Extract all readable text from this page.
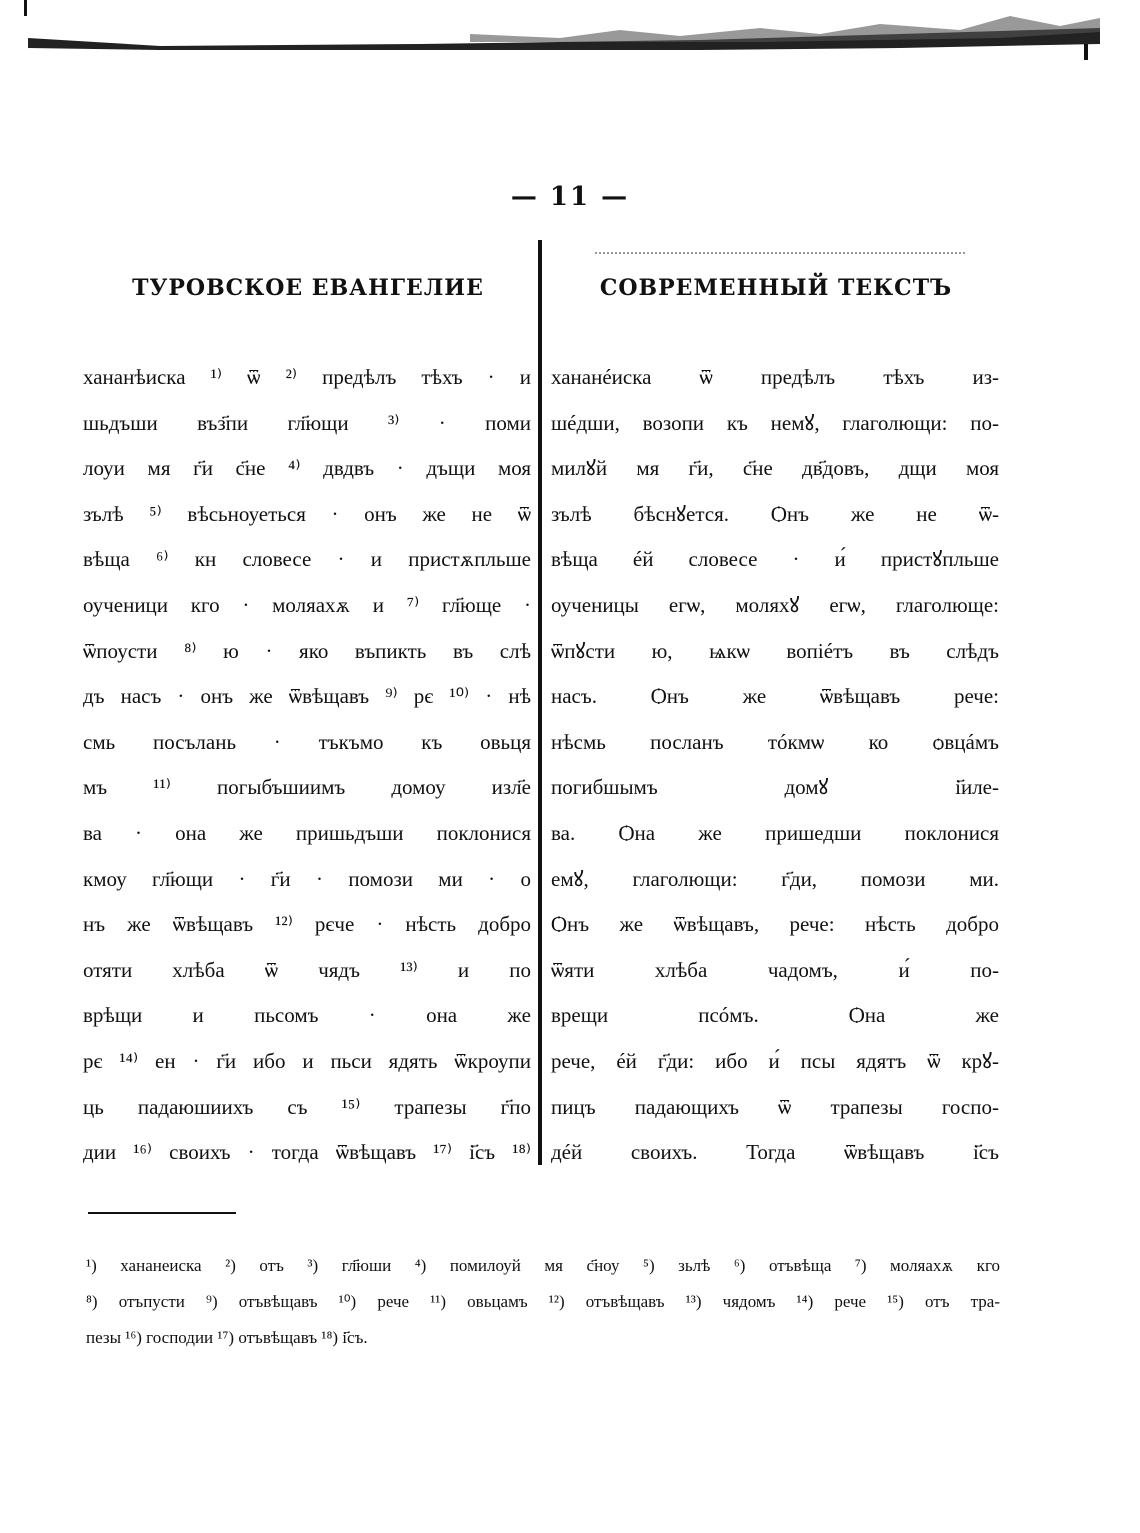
— 11 —
ТУРОВСКОЕ ЕВАНГЕЛИЕ	СОВРЕМЕННЫЙ ТЕКСТЪ
хананѣиска ¹⁾ ѿ ²⁾ предѣлъ тѣхъ · и
шьдъши въз҃пи гл҃ющи ³⁾ · поми
лоуи мя г҃и с҃не ⁴⁾ двдвъ · дъщи моя
зълѣ ⁵⁾ вѣсьноуеться · онъ же не ѿ
вѣща ⁶⁾ кн словесе · и пристѫпльше
оученици кго · моляахѫ и ⁷⁾ гл҃юще ·
ѿпоусти ⁸⁾ ю · яко въпикть въ слѣ
дъ насъ · онъ же ѿвѣщавъ ⁹⁾ рє ¹⁰⁾ · нѣ
смь посълань · тъкъмо къ овьця
мъ ¹¹⁾ погыбъшиимъ домоу изл҃е
ва · она же пришьдъши поклонися
кмоу гл҃ющи · г҃и · помози ми · о
нъ же ѿвѣщавъ ¹²⁾ рєче · нѣсть добро
отяти хлѣба ѿ чядъ ¹³⁾ и по
врѣщи и пьсомъ · она же
рє ¹⁴⁾ ен · г҃и ибо и пьси ядять ѿкроупи
ць падаюшиихъ съ ¹⁵⁾ трапезы г҃по
дии ¹⁶⁾ своихъ · тогда ѿвѣщавъ ¹⁷⁾ і҃съ ¹⁸⁾
хананéиска ѿ предѣлъ тѣхъ из-
шéдши, возопи къ немꙋ, глаголющи: по-
милꙋй мя г҃и, с҃не дв҃довъ, дщи моя
зълѣ бѣснꙋется. Ѻнъ же не ѿ-
вѣща éй словесе · и́ пристꙋпльше
оученицы егѡ, моляхꙋ егѡ, глаголюще:
ѿпꙋсти ю, ѩкѡ вопіéтъ въ слѣдъ
насъ. Ѻнъ же ѿвѣщавъ рече:
нѣсмь посланъ тóкмѡ ко ѻвцáмъ
погибшымъ домꙋ і҃иле-
ва. Ѻна же пришедши поклонися
емꙋ, глаголющи: г҃ди, помози ми.
Ѻнъ же ѿвѣщавъ, рече: нѣсть добро
ѿяти хлѣба чадомъ, и́ по-
врещи псóмъ. Ѻна же
рече, éй г҃ди: ибо и́ псы ядятъ ѿ крꙋ-
пицъ падающихъ ѿ трапезы госпо-
дéй своихъ. Тогда ѿвѣщавъ і҃съ
¹) хананеиска ²) отъ ³) гл҃юши ⁴) помилоуй мя с҃ноу ⁵) зьлѣ ⁶) отъвѣща ⁷) моляахѫ кго
⁸) отъпусти ⁹) отъвѣщавъ ¹⁰) рече ¹¹) овьцамъ ¹²) отъвѣщавъ ¹³) чядомъ ¹⁴) рече ¹⁵) отъ тра-
пезы ¹⁶) господии ¹⁷) отъвѣщавъ ¹⁸) і҃съ.
